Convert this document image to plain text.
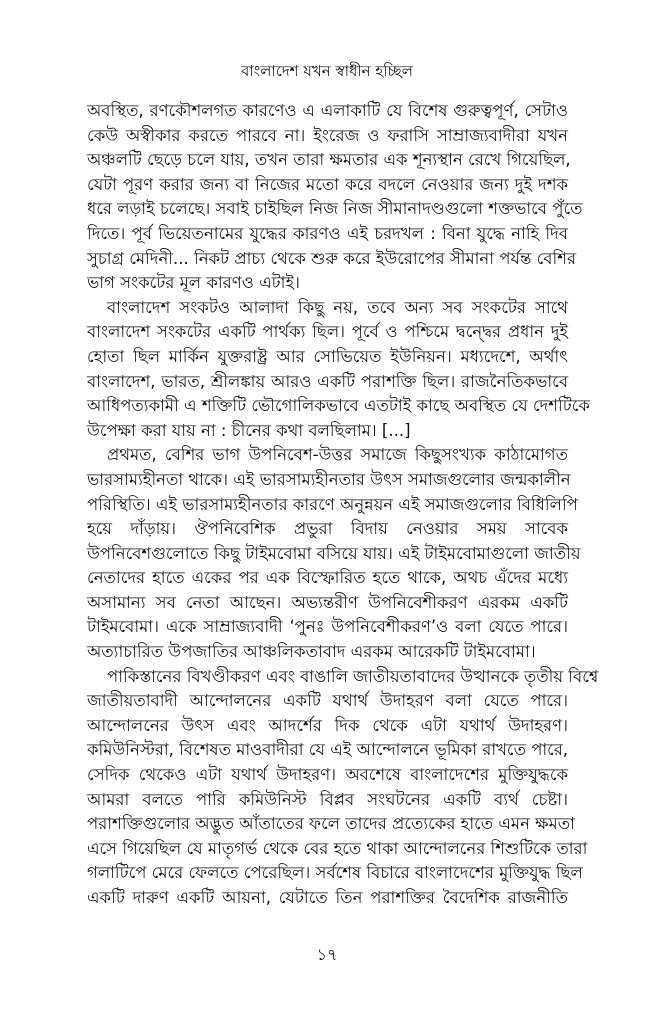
বাংলাদেশ যখন স্বাধীন হচ্ছিল
অবস্থিত, রণকৌশলগত কারণেও এ এলাকাটি যে বিশেষ গুরুত্বপূর্ণ, সেটাও
কেউ অস্বীকার করতে পারবে না। ইংরেজ ও ফরাসি সাম্রাজ্যবাদীরা যখন
অঞ্চলটি ছেড়ে চলে যায়, তখন তারা ক্ষমতার এক শূন্যস্থান রেখে গিয়েছিল,
যেটা পূরণ করার জন্য বা নিজের মতো করে বদলে নেওয়ার জন্য দুই দশক
ধরে লড়াই চলেছে। সবাই চাইছিল নিজ নিজ সীমানাদণ্ডগুলো শক্তভাবে পুঁতে
দিতে। পূর্ব ভিয়েতনামের যুদ্ধের কারণও এই চরদখল : বিনা যুদ্ধে নাহি দিব
সুচাগ্র মেদিনী... নিকট প্রাচ্য থেকে শুরু করে ইউরোপের সীমানা পর্যন্ত বেশির
ভাগ সংকটের মূল কারণও এটাই।
বাংলাদেশ সংকটও আলাদা কিছু নয়, তবে অন্য সব সংকটের সাথে
বাংলাদেশ সংকটের একটি পার্থক্য ছিল। পূর্বে ও পশ্চিমে দ্বন্দ্বের প্রধান দুই
হোতা ছিল মার্কিন যুক্তরাষ্ট্র আর সোভিয়েত ইউনিয়ন। মধ্যদেশে, অর্থাৎ
বাংলাদেশ, ভারত, শ্রীলঙ্কায় আরও একটি পরাশক্তি ছিল। রাজনৈতিকভাবে
আধিপত্যকামী এ শক্তিটি ভৌগোলিকভাবে এতটাই কাছে অবস্থিত যে দেশটিকে
উপেক্ষা করা যায় না : চীনের কথা বলছিলাম। [...]
প্রথমত, বেশির ভাগ উপনিবেশ-উত্তর সমাজে কিছুসংখ্যক কাঠামোগত
ভারসাম্যহীনতা থাকে। এই ভারসাম্যহীনতার উৎস সমাজগুলোর জন্মকালীন
পরিস্থিতি। এই ভারসাম্যহীনতার কারণে অনুন্নয়ন এই সমাজগুলোর বিধিলিপি
হয়ে দাঁড়ায়। ঔপনিবেশিক প্রভুরা বিদায় নেওয়ার সময় সাবেক
উপনিবেশগুলোতে কিছু টাইমবোমা বসিয়ে যায়। এই টাইমবোমাগুলো জাতীয়
নেতাদের হাতে একের পর এক বিস্ফোরিত হতে থাকে, অথচ এঁদের মধ্যে
অসামান্য সব নেতা আছেন। অভ্যন্তরীণ উপনিবেশীকরণ এরকম একটি
টাইমবোমা। একে সাম্রাজ্যবাদী ‘পুনঃ উপনিবেশীকরণ’ও বলা যেতে পারে।
অত্যাচারিত উপজাতির আঞ্চলিকতাবাদ এরকম আরেকটি টাইমবোমা।
পাকিস্তানের বিখণ্ডীকরণ এবং বাঙালি জাতীয়তাবাদের উত্থানকে তৃতীয় বিশ্বে
জাতীয়তাবাদী আন্দোলনের একটি যথার্থ উদাহরণ বলা যেতে পারে।
আন্দোলনের উৎস এবং আদর্শের দিক থেকে এটা যথার্থ উদাহরণ।
কমিউনিস্টরা, বিশেষত মাওবাদীরা যে এই আন্দোলনে ভূমিকা রাখতে পারে,
সেদিক থেকেও এটা যথার্থ উদাহরণ। অবশেষে বাংলাদেশের মুক্তিযুদ্ধকে
আমরা বলতে পারি কমিউনিস্ট বিপ্লব সংঘটনের একটি ব্যর্থ চেষ্টা।
পরাশক্তিগুলোর অদ্ভুত আঁতাতের ফলে তাদের প্রত্যেকের হাতে এমন ক্ষমতা
এসে গিয়েছিল যে মাতৃগর্ভ থেকে বের হতে থাকা আন্দোলনের শিশুটিকে তারা
গলাটিপে মেরে ফেলতে পেরেছিল। সর্বশেষ বিচারে বাংলাদেশের মুক্তিযুদ্ধ ছিল
একটি দারুণ একটি আয়না, যেটাতে তিন পরাশক্তির বৈদেশিক রাজনীতি
১৭
